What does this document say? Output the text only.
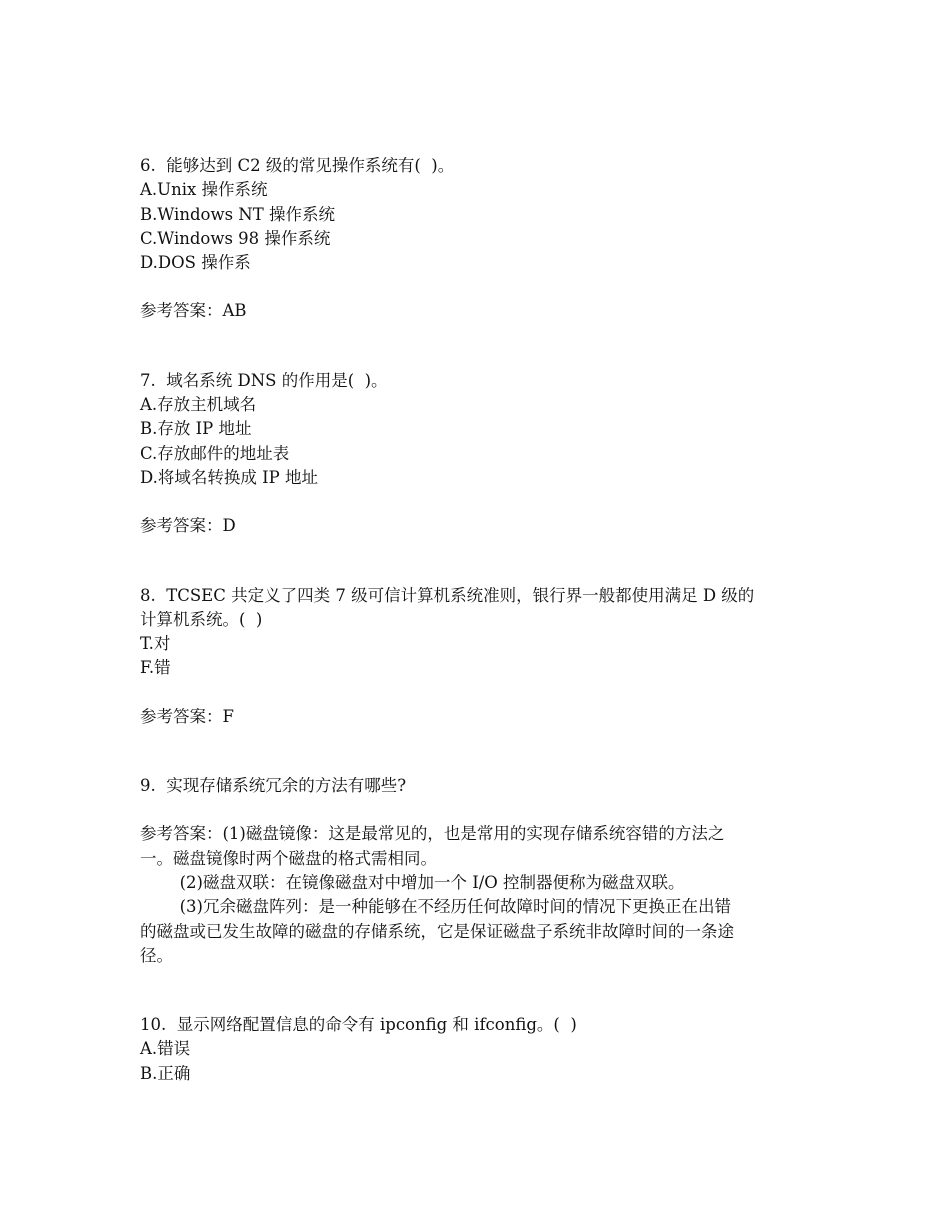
6.  能够达到 C2 级的常见操作系统有(  )。

A.Unix 操作系统

B.Windows NT 操作系统

C.Windows 98 操作系统

D.DOS 操作系

参考答案：AB

7.  域名系统 DNS 的作用是(  )。

A.存放主机域名

B.存放 IP 地址

C.存放邮件的地址表

D.将域名转换成 IP 地址

参考答案：D

8.  TCSEC 共定义了四类 7 级可信计算机系统准则，银行界一般都使用满足 D 级的

计算机系统。(  )

T.对

F.错

参考答案：F

9.  实现存储系统冗余的方法有哪些?

参考答案：(1)磁盘镜像：这是最常见的，也是常用的实现存储系统容错的方法之

一。磁盘镜像时两个磁盘的格式需相同。

(2)磁盘双联：在镜像磁盘对中增加一个 I/O 控制器便称为磁盘双联。

(3)冗余磁盘阵列：是一种能够在不经历任何故障时间的情况下更换正在出错

的磁盘或已发生故障的磁盘的存储系统，它是保证磁盘子系统非故障时间的一条途

径。

10.  显示网络配置信息的命令有 ipconfig 和 ifconfig。(  )

A.错误

B.正确
